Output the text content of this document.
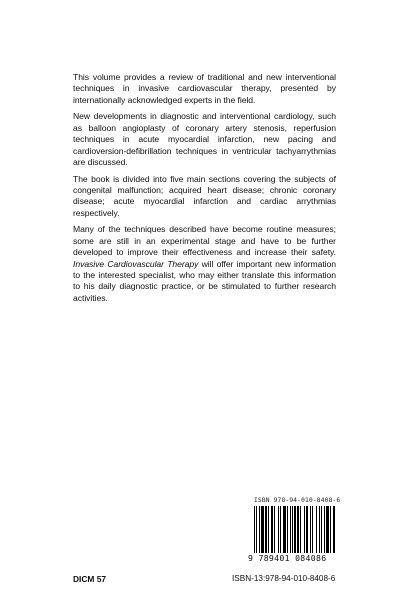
This volume provides a review of traditional and new interventional techniques in invasive cardiovascular therapy, presented by internationally acknowledged experts in the field.

New developments in diagnostic and interventional cardiology, such as balloon angioplasty of coronary artery stenosis, reperfusion techniques in acute myocardial infarction, new pacing and cardioversion-defibrillation techniques in ventricular tachyarrythmias are discussed.

The book is divided into five main sections covering the subjects of congenital malfunction; acquired heart disease; chronic coronary disease; acute myocardial infarction and cardiac arrythmias respectively.

Many of the techniques described have become routine measures; some are still in an experimental stage and have to be further developed to improve their effectiveness and increase their safety. Invasive Cardiovascular Therapy will offer important new information to the interested specialist, who may either translate this information to his daily diagnostic practice, or be stimulated to further research activities.

ISBN 978-94-010-8408-6
9 789401 084086
DICM 57	ISBN-13:978-94-010-8408-6
